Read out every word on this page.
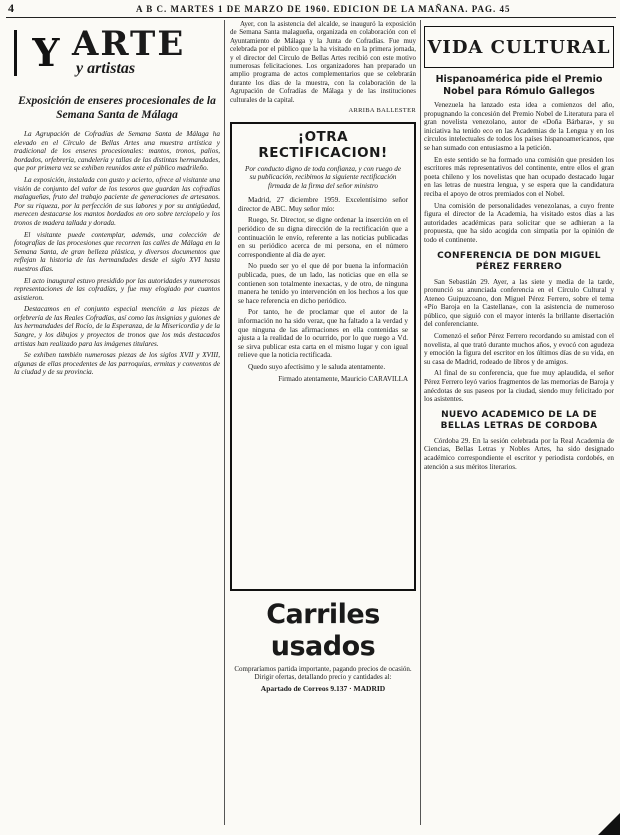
4	A B C. MARTES 1 DE MARZO DE 1960. EDICION DE LA MAÑANA. PAG. 45
Y ARTE
y artistas
Exposición de enseres procesionales de la Semana Santa de Málaga

La Agrupación de Cofradías de Semana Santa de Málaga ha elevado en el Círculo de Bellas Artes una muestra artística y tradicional de los enseres procesionales: mantos, tronos, palios, bordados, orfebrería, candelería y tallas de las distintas hermandades, que por primera vez se exhiben reunidos ante el público madrileño.

La exposición, instalada con gusto y acierto, ofrece al visitante una visión de conjunto del valor de los tesoros que guardan las cofradías malagueñas, fruto del trabajo paciente de generaciones de artesanos. Por su riqueza, por la perfección de sus labores y por su antigüedad, merecen destacarse los mantos bordados en oro sobre terciopelo y los tronos de madera tallada y dorada.

El visitante puede contemplar, además, una colección de fotografías de las procesiones que recorren las calles de Málaga en la Semana Santa, de gran belleza plástica, y diversos documentos que reflejan la historia de las hermandades desde el siglo XVI hasta nuestros días.

El acto inaugural estuvo presidido por las autoridades y numerosas representaciones de las cofradías, y fue muy elogiado por cuantos asistieron.

Destacamos en el conjunto especial mención a las piezas de orfebrería de las Reales Cofradías, así como las insignias y guiones de las hermandades del Rocío, de la Esperanza, de la Misericordia y de la Sangre, y los dibujos y proyectos de tronos que los más destacados artistas han realizado para las imágenes titulares.

Se exhiben también numerosas piezas de los siglos XVII y XVIII, algunas de ellas procedentes de las parroquias, ermitas y conventos de la ciudad y de su provincia.

Ayer, con la asistencia del alcalde, se inauguró la exposición de Semana Santa malagueña, organizada en colaboración con el Ayuntamiento de Málaga y la Junta de Cofradías. Fue muy celebrada por el público que la ha visitado en la primera jornada, y el director del Círculo de Bellas Artes recibió con este motivo numerosas felicitaciones. Los organizadores han preparado un amplio programa de actos complementarios que se celebrarán durante los días de la muestra, con la colaboración de la Agrupación de Cofradías de Málaga y de las instituciones culturales de la capital.
ARRIBA BALLESTER
¡OTRA RECTIFICACION!
Por conducto digno de toda confianza, y con ruego de su publicación, recibimos la siguiente rectificación firmada de la firma del señor ministro

Madrid, 27 diciembre 1959. Excelentísimo señor director de ABC. Muy señor mío:

Ruego, Sr. Director, se digne ordenar la inserción en el periódico de su digna dirección de la rectificación que a continuación le envío, referente a las noticias publicadas en su periódico acerca de mi persona, en el número correspondiente al día de ayer.

No puedo ser yo el que dé por buena la información publicada, pues, de un lado, las noticias que en ella se contienen son totalmente inexactas, y de otro, de ninguna manera he tenido yo intervención en los hechos a los que se hace referencia en dicho periódico.

Por tanto, he de proclamar que el autor de la información no ha sido veraz, que ha faltado a la verdad y que ninguna de las afirmaciones en ella contenidas se ajusta a la realidad de lo ocurrido, por lo que ruego a Vd. se sirva publicar esta carta en el mismo lugar y con igual relieve que la noticia rectificada.

Quedo suyo afectísimo y le saluda atentamente.

Firmado atentamente, Mauricio CARAVILLA
Carriles usados
Compraríamos partida importante, pagando precios de ocasión. Dirigir ofertas, detallando precio y cantidades al:
Apartado de Correos 9.137 · MADRID
VIDA CULTURAL
Hispanoamérica pide el Premio Nobel para Rómulo Gallegos

Venezuela ha lanzado esta idea a comienzos del año, propugnando la concesión del Premio Nobel de Literatura para el gran novelista venezolano, autor de «Doña Bárbara», y su iniciativa ha tenido eco en las Academias de la Lengua y en los círculos intelectuales de todos los países hispanoamericanos, que se han sumado con entusiasmo a la petición.

En este sentido se ha formado una comisión que presiden los escritores más representativos del continente, entre ellos el gran poeta chileno y los novelistas que han ocupado destacado lugar en las letras de nuestra lengua, y se espera que la candidatura reciba el apoyo de otros premiados con el Nobel.

Una comisión de personalidades venezolanas, a cuyo frente figura el director de la Academia, ha visitado estos días a las autoridades académicas para solicitar que se adhieran a la propuesta, que ha sido acogida con simpatía por la opinión de todo el continente.

CONFERENCIA DE DON MIGUEL PÉREZ FERRERO

San Sebastián 29. Ayer, a las siete y media de la tarde, pronunció su anunciada conferencia en el Círculo Cultural y Ateneo Guipuzcoano, don Miguel Pérez Ferrero, sobre el tema «Pío Baroja en la Castellana», con la asistencia de numeroso público, que siguió con el mayor interés la brillante disertación del conferenciante.

Comenzó el señor Pérez Ferrero recordando su amistad con el novelista, al que trató durante muchos años, y evocó con agudeza y emoción la figura del escritor en los últimos días de su vida, en su casa de Madrid, rodeado de libros y de amigos.

Al final de su conferencia, que fue muy aplaudida, el señor Pérez Ferrero leyó varios fragmentos de las memorias de Baroja y anécdotas de sus paseos por la ciudad, siendo muy felicitado por los asistentes.

NUEVO ACADEMICO DE LA DE BELLAS LETRAS DE CORDOBA

Córdoba 29. En la sesión celebrada por la Real Academia de Ciencias, Bellas Letras y Nobles Artes, ha sido designado académico correspondiente el escritor y periodista cordobés, en atención a sus méritos literarios.
